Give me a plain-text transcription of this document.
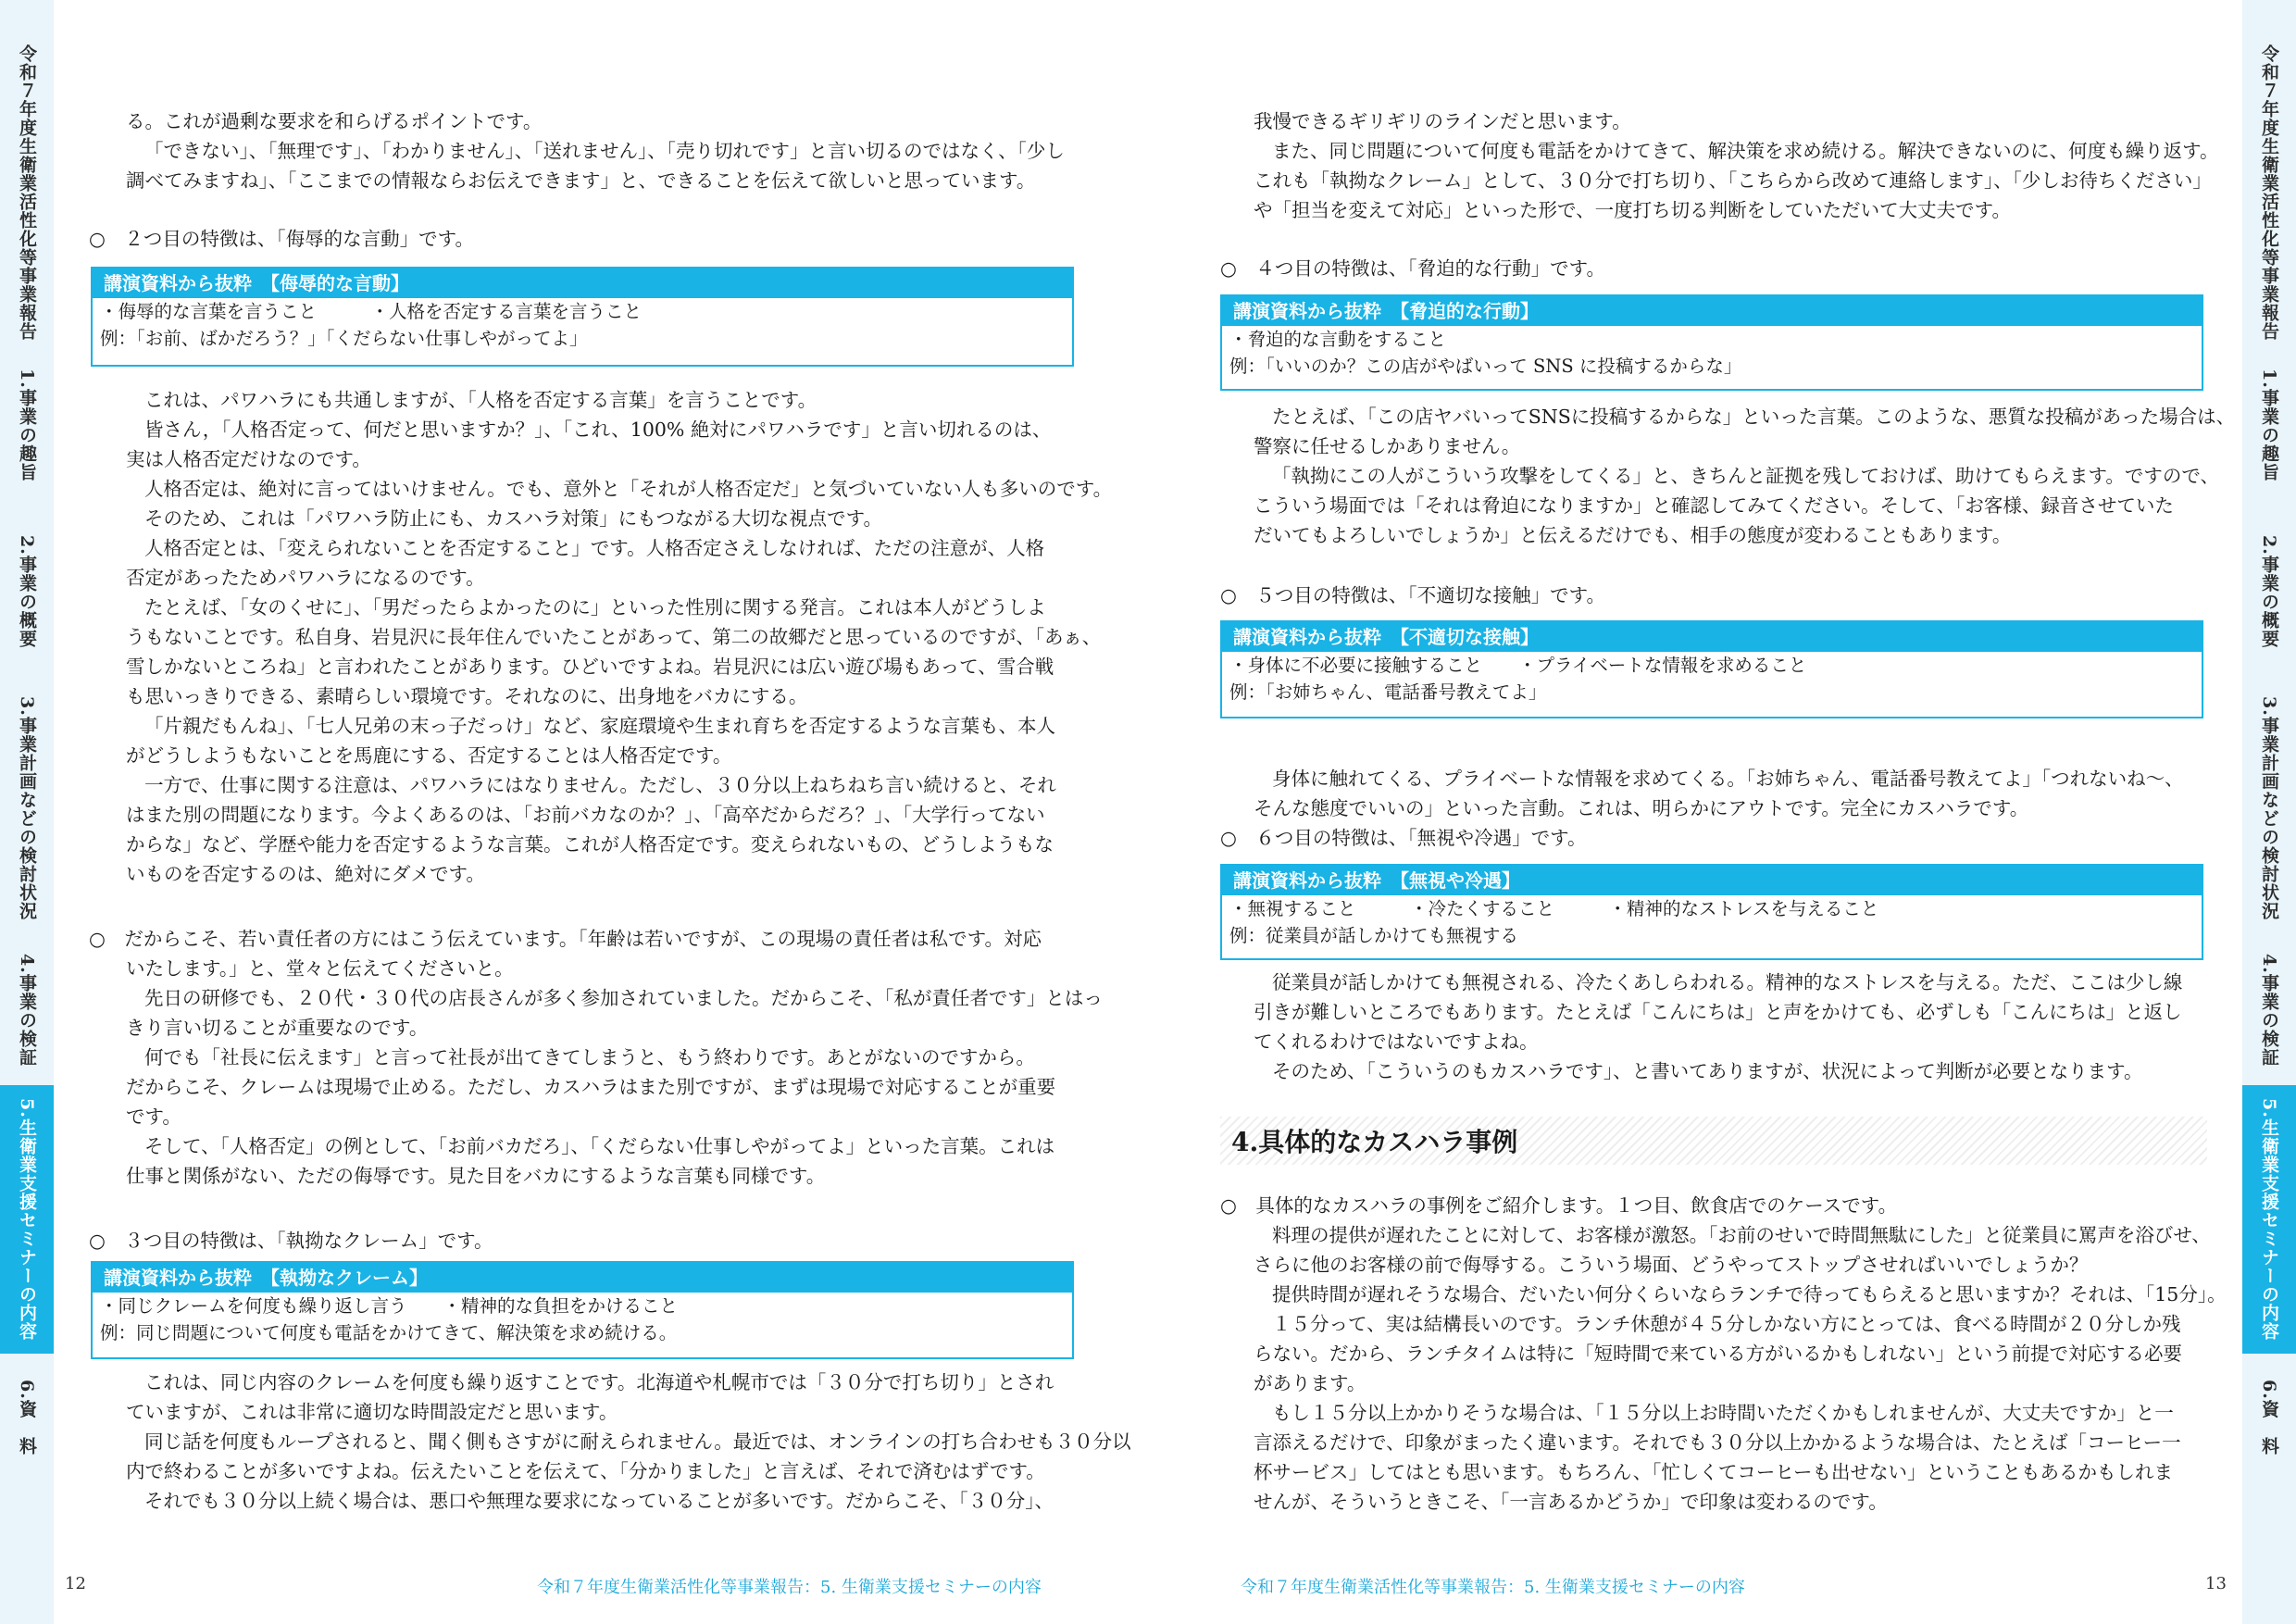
令和７年度生衛業活性化等事業報告
1.事業の趣旨
2.事業の概要
3.事業計画などの検討状況
4.事業の検証
5.生衛業支援セミナーの内容
6.資　料
令和７年度生衛業活性化等事業報告
1.事業の趣旨
2.事業の概要
3.事業計画などの検討状況
4.事業の検証
5.生衛業支援セミナーの内容
6.資　料
る。これが過剰な要求を和らげるポイントです。
「できない」、「無理です」、「わかりません」、「送れません」、「売り切れです」と言い切るのではなく、「少し
調べてみますね」、「ここまでの情報ならお伝えできます」と、できることを伝えて欲しいと思っています。
○　２つ目の特徴は、「侮辱的な言動」です。
講演資料から抜粋　【侮辱的な言動】
・侮辱的な言葉を言うこと　　　・人格を否定する言葉を言うこと
例：「お前、ばかだろう？」「くだらない仕事しやがってよ」
これは、パワハラにも共通しますが、「人格を否定する言葉」を言うことです。
皆さん，「人格否定って、何だと思いますか？」、「これ、100% 絶対にパワハラです」と言い切れるのは、
実は人格否定だけなのです。
人格否定は、絶対に言ってはいけません。でも、意外と「それが人格否定だ」と気づいていない人も多いのです。
そのため、これは「パワハラ防止にも、カスハラ対策」にもつながる大切な視点です。
人格否定とは、「変えられないことを否定すること」です。人格否定さえしなければ、ただの注意が、人格
否定があったためパワハラになるのです。
たとえば、「女のくせに」、「男だったらよかったのに」といった性別に関する発言。これは本人がどうしよ
うもないことです。私自身、岩見沢に長年住んでいたことがあって、第二の故郷だと思っているのですが、「あぁ、
雪しかないところね」と言われたことがあります。ひどいですよね。岩見沢には広い遊び場もあって、雪合戦
も思いっきりできる、素晴らしい環境です。それなのに、出身地をバカにする。
「片親だもんね」、「七人兄弟の末っ子だっけ」など、家庭環境や生まれ育ちを否定するような言葉も、本人
がどうしようもないことを馬鹿にする、否定することは人格否定です。
一方で、仕事に関する注意は、パワハラにはなりません。ただし、３０分以上ねちねち言い続けると、それ
はまた別の問題になります。今よくあるのは、「お前バカなのか？」、「高卒だからだろ？」、「大学行ってない
からな」など、学歴や能力を否定するような言葉。これが人格否定です。変えられないもの、どうしようもな
いものを否定するのは、絶対にダメです。
○　だからこそ、若い責任者の方にはこう伝えています。「年齢は若いですが、この現場の責任者は私です。対応
いたします。」と、堂々と伝えてくださいと。
先日の研修でも、２０代・３０代の店長さんが多く参加されていました。だからこそ、「私が責任者です」とはっ
きり言い切ることが重要なのです。
何でも「社長に伝えます」と言って社長が出てきてしまうと、もう終わりです。あとがないのですから。
だからこそ、クレームは現場で止める。ただし、カスハラはまた別ですが、まずは現場で対応することが重要
です。
そして、「人格否定」の例として、「お前バカだろ」、「くだらない仕事しやがってよ」といった言葉。これは
仕事と関係がない、ただの侮辱です。見た目をバカにするような言葉も同様です。
○　３つ目の特徴は、「執拗なクレーム」です。
講演資料から抜粋　【執拗なクレーム】
・同じクレームを何度も繰り返し言う　　・精神的な負担をかけること
例：同じ問題について何度も電話をかけてきて、解決策を求め続ける。
これは、同じ内容のクレームを何度も繰り返すことです。北海道や札幌市では「３０分で打ち切り」とされ
ていますが、これは非常に適切な時間設定だと思います。
同じ話を何度もループされると、聞く側もさすがに耐えられません。最近では、オンラインの打ち合わせも３０分以
内で終わることが多いですよね。伝えたいことを伝えて、「分かりました」と言えば、それで済むはずです。
それでも３０分以上続く場合は、悪口や無理な要求になっていることが多いです。だからこそ、「３０分」、
我慢できるギリギリのラインだと思います。
また、同じ問題について何度も電話をかけてきて、解決策を求め続ける。解決できないのに、何度も繰り返す。
これも「執拗なクレーム」として、３０分で打ち切り、「こちらから改めて連絡します」、「少しお待ちください」
や「担当を変えて対応」といった形で、一度打ち切る判断をしていただいて大丈夫です。
○　４つ目の特徴は、「脅迫的な行動」です。
講演資料から抜粋　【脅迫的な行動】
・脅迫的な言動をすること
例：「いいのか？この店がやばいって SNS に投稿するからな」
たとえば、「この店ヤバいってSNSに投稿するからな」といった言葉。このような、悪質な投稿があった場合は、
警察に任せるしかありません。
「執拗にこの人がこういう攻撃をしてくる」と、きちんと証拠を残しておけば、助けてもらえます。ですので、
こういう場面では「それは脅迫になりますか」と確認してみてください。そして、「お客様、録音させていた
だいてもよろしいでしょうか」と伝えるだけでも、相手の態度が変わることもあります。
○　５つ目の特徴は、「不適切な接触」です。
講演資料から抜粋　【不適切な接触】
・身体に不必要に接触すること　　・プライベートな情報を求めること
例：「お姉ちゃん、電話番号教えてよ」
身体に触れてくる、プライベートな情報を求めてくる。「お姉ちゃん、電話番号教えてよ」「つれないね～、
そんな態度でいいの」といった言動。これは、明らかにアウトです。完全にカスハラです。
○　６つ目の特徴は、「無視や冷遇」です。
講演資料から抜粋　【無視や冷遇】
・無視すること　　　・冷たくすること　　　・精神的なストレスを与えること
例：従業員が話しかけても無視する
従業員が話しかけても無視される、冷たくあしらわれる。精神的なストレスを与える。ただ、ここは少し線
引きが難しいところでもあります。たとえば「こんにちは」と声をかけても、必ずしも「こんにちは」と返し
てくれるわけではないですよね。
そのため、「こういうのもカスハラです」、と書いてありますが、状況によって判断が必要となります。
4.具体的なカスハラ事例
○　具体的なカスハラの事例をご紹介します。１つ目、飲食店でのケースです。
料理の提供が遅れたことに対して、お客様が激怒。「お前のせいで時間無駄にした」と従業員に罵声を浴びせ、
さらに他のお客様の前で侮辱する。こういう場面、どうやってストップさせればいいでしょうか？
提供時間が遅れそうな場合、だいたい何分くらいならランチで待ってもらえると思いますか？それは、「15分」。
１５分って、実は結構長いのです。ランチ休憩が４５分しかない方にとっては、食べる時間が２０分しか残
らない。だから、ランチタイムは特に「短時間で来ている方がいるかもしれない」という前提で対応する必要
があります。
もし１５分以上かかりそうな場合は、「１５分以上お時間いただくかもしれませんが、大丈夫ですか」と一
言添えるだけで、印象がまったく違います。それでも３０分以上かかるような場合は、たとえば「コーヒー一
杯サービス」してはとも思います。もちろん、「忙しくてコーヒーも出せない」ということもあるかもしれま
せんが、そういうときこそ、「一言あるかどうか」で印象は変わるのです。
12	令和７年度生衛業活性化等事業報告：5. 生衛業支援セミナーの内容	令和７年度生衛業活性化等事業報告：5. 生衛業支援セミナーの内容	13
